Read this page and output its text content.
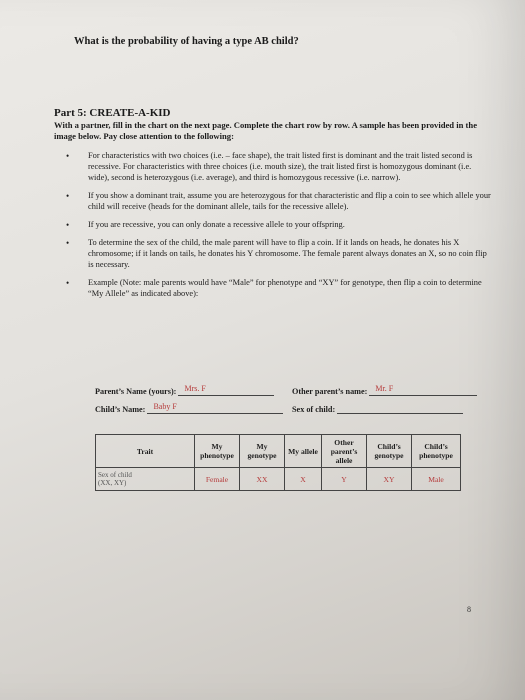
What is the probability of having a type AB child?
Part 5: CREATE-A-KID
With a partner, fill in the chart on the next page. Complete the chart row by row. A sample has been provided in the image below. Pay close attention to the following:
• For characteristics with two choices (i.e. – face shape), the trait listed first is dominant and the trait listed second is recessive. For characteristics with three choices (i.e. mouth size), the trait listed first is homozygous dominant (i.e. wide), second is heterozygous (i.e. average), and third is homozygous recessive (i.e. narrow).
• If you show a dominant trait, assume you are heterozygous for that characteristic and flip a coin to see which allele your child will receive (heads for the dominant allele, tails for the recessive allele).
• If you are recessive, you can only donate a recessive allele to your offspring.
• To determine the sex of the child, the male parent will have to flip a coin. If it lands on heads, he donates his X chromosome; if it lands on tails, he donates his Y chromosome. The female parent always donates an X, so no coin flip is necessary.
• Example (Note: male parents would have “Male” for phenotype and “XY” for genotype, then flip a coin to determine “My Allele” as indicated above):
Parent’s Name (yours): Mrs. F	Other parent’s name: Mr. F
Child’s Name: Baby F	Sex of child:
Trait	My phenotype	My genotype	My allele	Other parent’s allele	Child’s genotype	Child’s phenotype

Sex of child
(XX, XY)	Female	XX	X	Y	XY	Male
8
